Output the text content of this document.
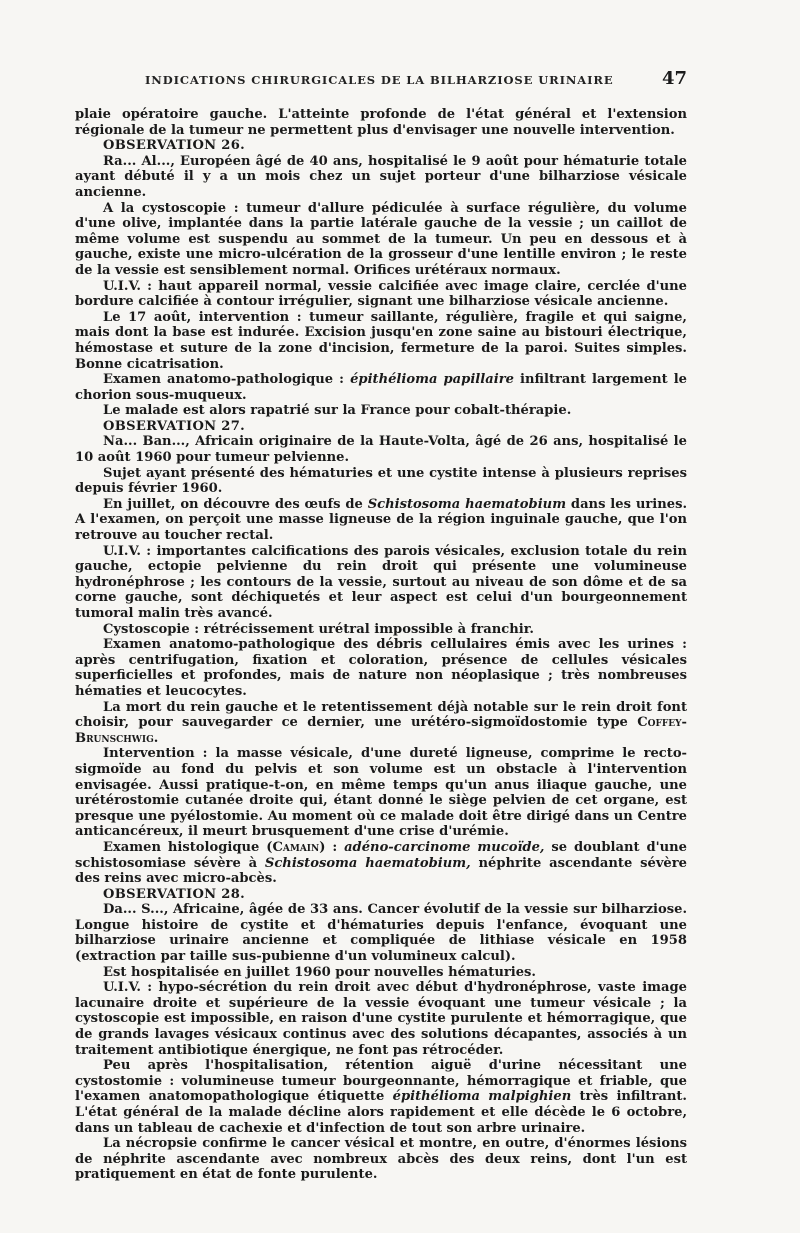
INDICATIONS CHIRURGICALES DE LA BILHARZIOSE URINAIRE	47

plaie opératoire gauche. L'atteinte profonde de l'état général et l'extension régionale de la tumeur ne permettent plus d'envisager une nouvelle intervention.

OBSERVATION 26.

Ra... Al..., Européen âgé de 40 ans, hospitalisé le 9 août pour hématurie totale ayant débuté il y a un mois chez un sujet porteur d'une bilharziose vésicale ancienne.

A la cystoscopie : tumeur d'allure pédiculée à surface régulière, du volume d'une olive, implantée dans la partie latérale gauche de la vessie ; un caillot de même volume est suspendu au sommet de la tumeur. Un peu en dessous et à gauche, existe une micro-ulcération de la grosseur d'une lentille environ ; le reste de la vessie est sensiblement normal. Orifices urétéraux normaux.

U.I.V. : haut appareil normal, vessie calcifiée avec image claire, cerclée d'une bordure calcifiée à contour irrégulier, signant une bilharziose vésicale ancienne.

Le 17 août, intervention : tumeur saillante, régulière, fragile et qui saigne, mais dont la base est indurée. Excision jusqu'en zone saine au bistouri électrique, hémostase et suture de la zone d'incision, fermeture de la paroi. Suites simples. Bonne cicatrisation.

Examen anatomo-pathologique : épithélioma papillaire infiltrant largement le chorion sous-muqueux.

Le malade est alors rapatrié sur la France pour cobalt-thérapie.

OBSERVATION 27.

Na... Ban..., Africain originaire de la Haute-Volta, âgé de 26 ans, hospitalisé le 10 août 1960 pour tumeur pelvienne.

Sujet ayant présenté des hématuries et une cystite intense à plusieurs reprises depuis février 1960.

En juillet, on découvre des œufs de Schistosoma haematobium dans les urines. A l'examen, on perçoit une masse ligneuse de la région inguinale gauche, que l'on retrouve au toucher rectal.

U.I.V. : importantes calcifications des parois vésicales, exclusion totale du rein gauche, ectopie pelvienne du rein droit qui présente une volumineuse hydronéphrose ; les contours de la vessie, surtout au niveau de son dôme et de sa corne gauche, sont déchiquetés et leur aspect est celui d'un bourgeonnement tumoral malin très avancé.

Cystoscopie : rétrécissement urétral impossible à franchir.

Examen anatomo-pathologique des débris cellulaires émis avec les urines : après centrifugation, fixation et coloration, présence de cellules vésicales superficielles et profondes, mais de nature non néoplasique ; très nombreuses hématies et leucocytes.

La mort du rein gauche et le retentissement déjà notable sur le rein droit font choisir, pour sauvegarder ce dernier, une urétéro-sigmoïdostomie type Coffey-Brunschwig.

Intervention : la masse vésicale, d'une dureté ligneuse, comprime le recto-sigmoïde au fond du pelvis et son volume est un obstacle à l'intervention envisagée. Aussi pratique-t-on, en même temps qu'un anus iliaque gauche, une urétérostomie cutanée droite qui, étant donné le siège pelvien de cet organe, est presque une pyélostomie. Au moment où ce malade doit être dirigé dans un Centre anticancéreux, il meurt brusquement d'une crise d'urémie.

Examen histologique (Camain) : adéno-carcinome mucoïde, se doublant d'une schistosomiase sévère à Schistosoma haematobium, néphrite ascendante sévère des reins avec micro-abcès.

OBSERVATION 28.

Da... S..., Africaine, âgée de 33 ans. Cancer évolutif de la vessie sur bilharziose. Longue histoire de cystite et d'hématuries depuis l'enfance, évoquant une bilharziose urinaire ancienne et compliquée de lithiase vésicale en 1958 (extraction par taille sus-pubienne d'un volumineux calcul).

Est hospitalisée en juillet 1960 pour nouvelles hématuries.

U.I.V. : hypo-sécrétion du rein droit avec début d'hydronéphrose, vaste image lacunaire droite et supérieure de la vessie évoquant une tumeur vésicale ; la cystoscopie est impossible, en raison d'une cystite purulente et hémorragique, que de grands lavages vésicaux continus avec des solutions décapantes, associés à un traitement antibiotique énergique, ne font pas rétrocéder.

Peu après l'hospitalisation, rétention aiguë d'urine nécessitant une cystostomie : volumineuse tumeur bourgeonnante, hémorragique et friable, que l'examen anatomopathologique étiquette épithélioma malpighien très infiltrant. L'état général de la malade décline alors rapidement et elle décède le 6 octobre, dans un tableau de cachexie et d'infection de tout son arbre urinaire.

La nécropsie confirme le cancer vésical et montre, en outre, d'énormes lésions de néphrite ascendante avec nombreux abcès des deux reins, dont l'un est pratiquement en état de fonte purulente.
